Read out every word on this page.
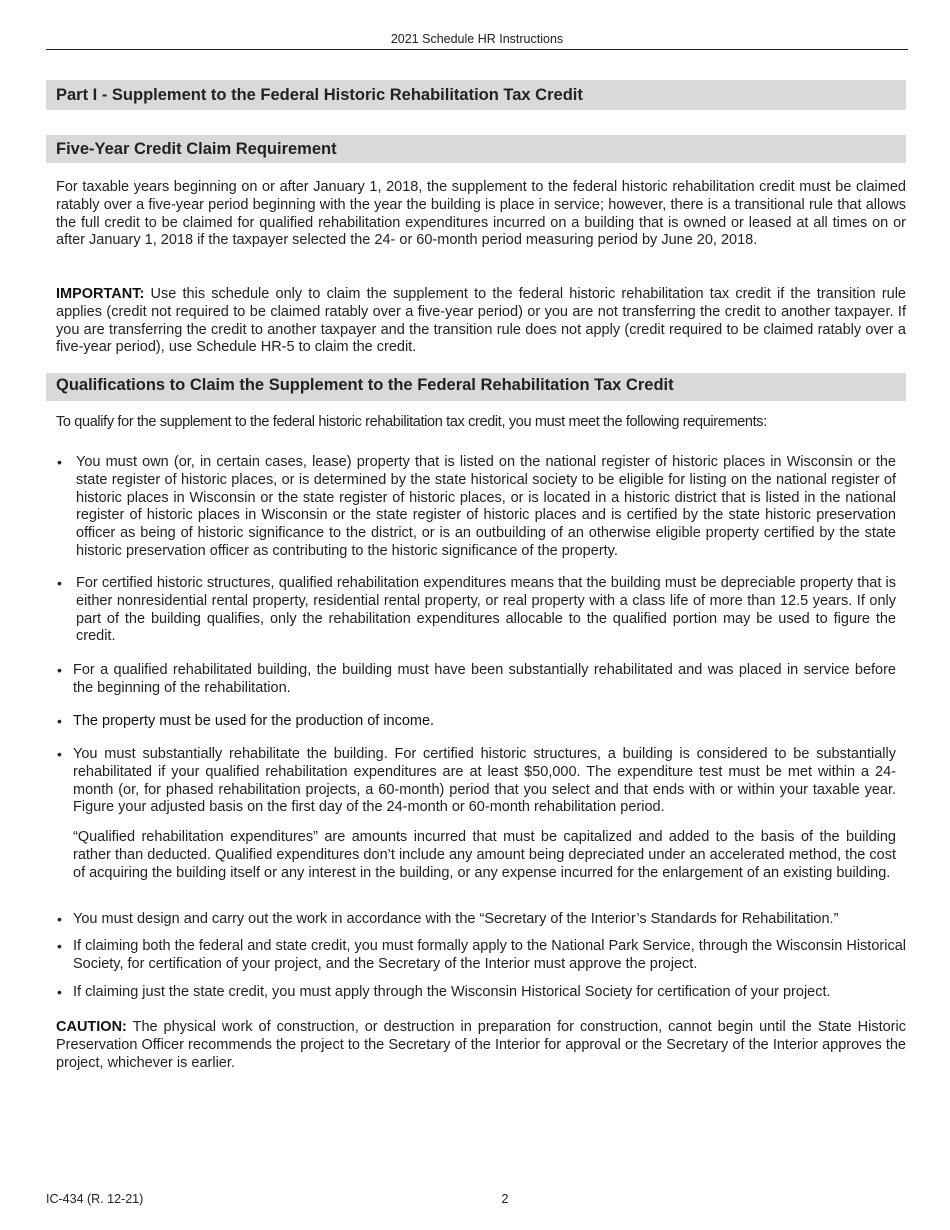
2021 Schedule HR Instructions
Part I - Supplement to the Federal Historic Rehabilitation Tax Credit
Five-Year Credit Claim Requirement
For taxable years beginning on or after January 1, 2018, the supplement to the federal historic rehabilitation credit must be claimed ratably over a five-year period beginning with the year the building is place in service; however, there is a transitional rule that allows the full credit to be claimed for qualified rehabilitation expenditures incurred on a building that is owned or leased at all times on or after January 1, 2018 if the taxpayer selected the 24- or 60-month period measuring period by June 20, 2018.
IMPORTANT: Use this schedule only to claim the supplement to the federal historic rehabilitation tax credit if the transition rule applies (credit not required to be claimed ratably over a five-year period) or you are not transferring the credit to another taxpayer. If you are transferring the credit to another taxpayer and the transition rule does not apply (credit required to be claimed ratably over a five-year period), use Schedule HR-5 to claim the credit.
Qualifications to Claim the Supplement to the Federal Rehabilitation Tax Credit
To qualify for the supplement to the federal historic rehabilitation tax credit, you must meet the following requirements:
• You must own (or, in certain cases, lease) property that is listed on the national register of historic places in Wisconsin or the state register of historic places, or is determined by the state historical society to be eligible for listing on the national register of historic places in Wisconsin or the state register of historic places, or is located in a historic district that is listed in the national register of historic places in Wisconsin or the state register of historic places and is certified by the state historic preservation officer as being of historic significance to the district, or is an outbuilding of an otherwise eligible property certified by the state historic preservation officer as contributing to the historic significance of the property.
• For certified historic structures, qualified rehabilitation expenditures means that the building must be depreciable property that is either nonresidential rental property, residential rental property, or real property with a class life of more than 12.5 years. If only part of the building qualifies, only the rehabilitation expenditures allocable to the qualified portion may be used to figure the credit.
• For a qualified rehabilitated building, the building must have been substantially rehabilitated and was placed in service before the beginning of the rehabilitation.
• The property must be used for the production of income.
• You must substantially rehabilitate the building. For certified historic structures, a building is considered to be substantially rehabilitated if your qualified rehabilitation expenditures are at least $50,000. The expenditure test must be met within a 24-month (or, for phased rehabilitation projects, a 60-month) period that you select and that ends with or within your taxable year. Figure your adjusted basis on the first day of the 24-month or 60-month rehabilitation period.
“Qualified rehabilitation expenditures” are amounts incurred that must be capitalized and added to the basis of the building rather than deducted. Qualified expenditures don’t include any amount being depreciated under an accelerated method, the cost of acquiring the building itself or any interest in the building, or any expense incurred for the enlargement of an existing building.
• You must design and carry out the work in accordance with the “Secretary of the Interior’s Standards for Rehabilitation.”
• If claiming both the federal and state credit, you must formally apply to the National Park Service, through the Wisconsin Historical Society, for certification of your project, and the Secretary of the Interior must approve the project.
• If claiming just the state credit, you must apply through the Wisconsin Historical Society for certification of your project.
CAUTION: The physical work of construction, or destruction in preparation for construction, cannot begin until the State Historic Preservation Officer recommends the project to the Secretary of the Interior for approval or the Secretary of the Interior approves the project, whichever is earlier.
IC-434 (R. 12-21)	2
